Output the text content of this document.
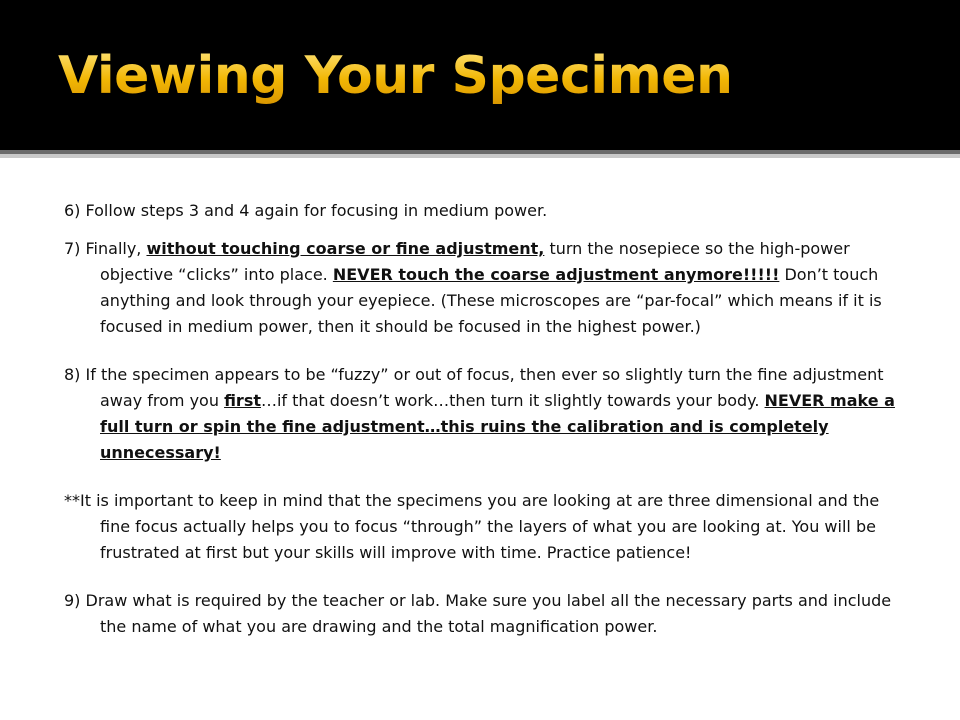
Viewing Your Specimen

6) Follow steps 3 and 4 again for focusing in medium power.

7) Finally, without touching coarse or fine adjustment, turn the nosepiece so the high-power objective “clicks” into place. NEVER touch the coarse adjustment anymore!!!!! Don’t touch anything and look through your eyepiece. (These microscopes are “par-focal” which means if it is focused in medium power, then it should be focused in the highest power.)

8) If the specimen appears to be “fuzzy” or out of focus, then ever so slightly turn the fine adjustment away from you first…if that doesn’t work…then turn it slightly towards your body. NEVER make a full turn or spin the fine adjustment…this ruins the calibration and is completely unnecessary!

**It is important to keep in mind that the specimens you are looking at are three dimensional and the fine focus actually helps you to focus “through” the layers of what you are looking at. You will be frustrated at first but your skills will improve with time. Practice patience!

9) Draw what is required by the teacher or lab. Make sure you label all the necessary parts and include the name of what you are drawing and the total magnification power.
